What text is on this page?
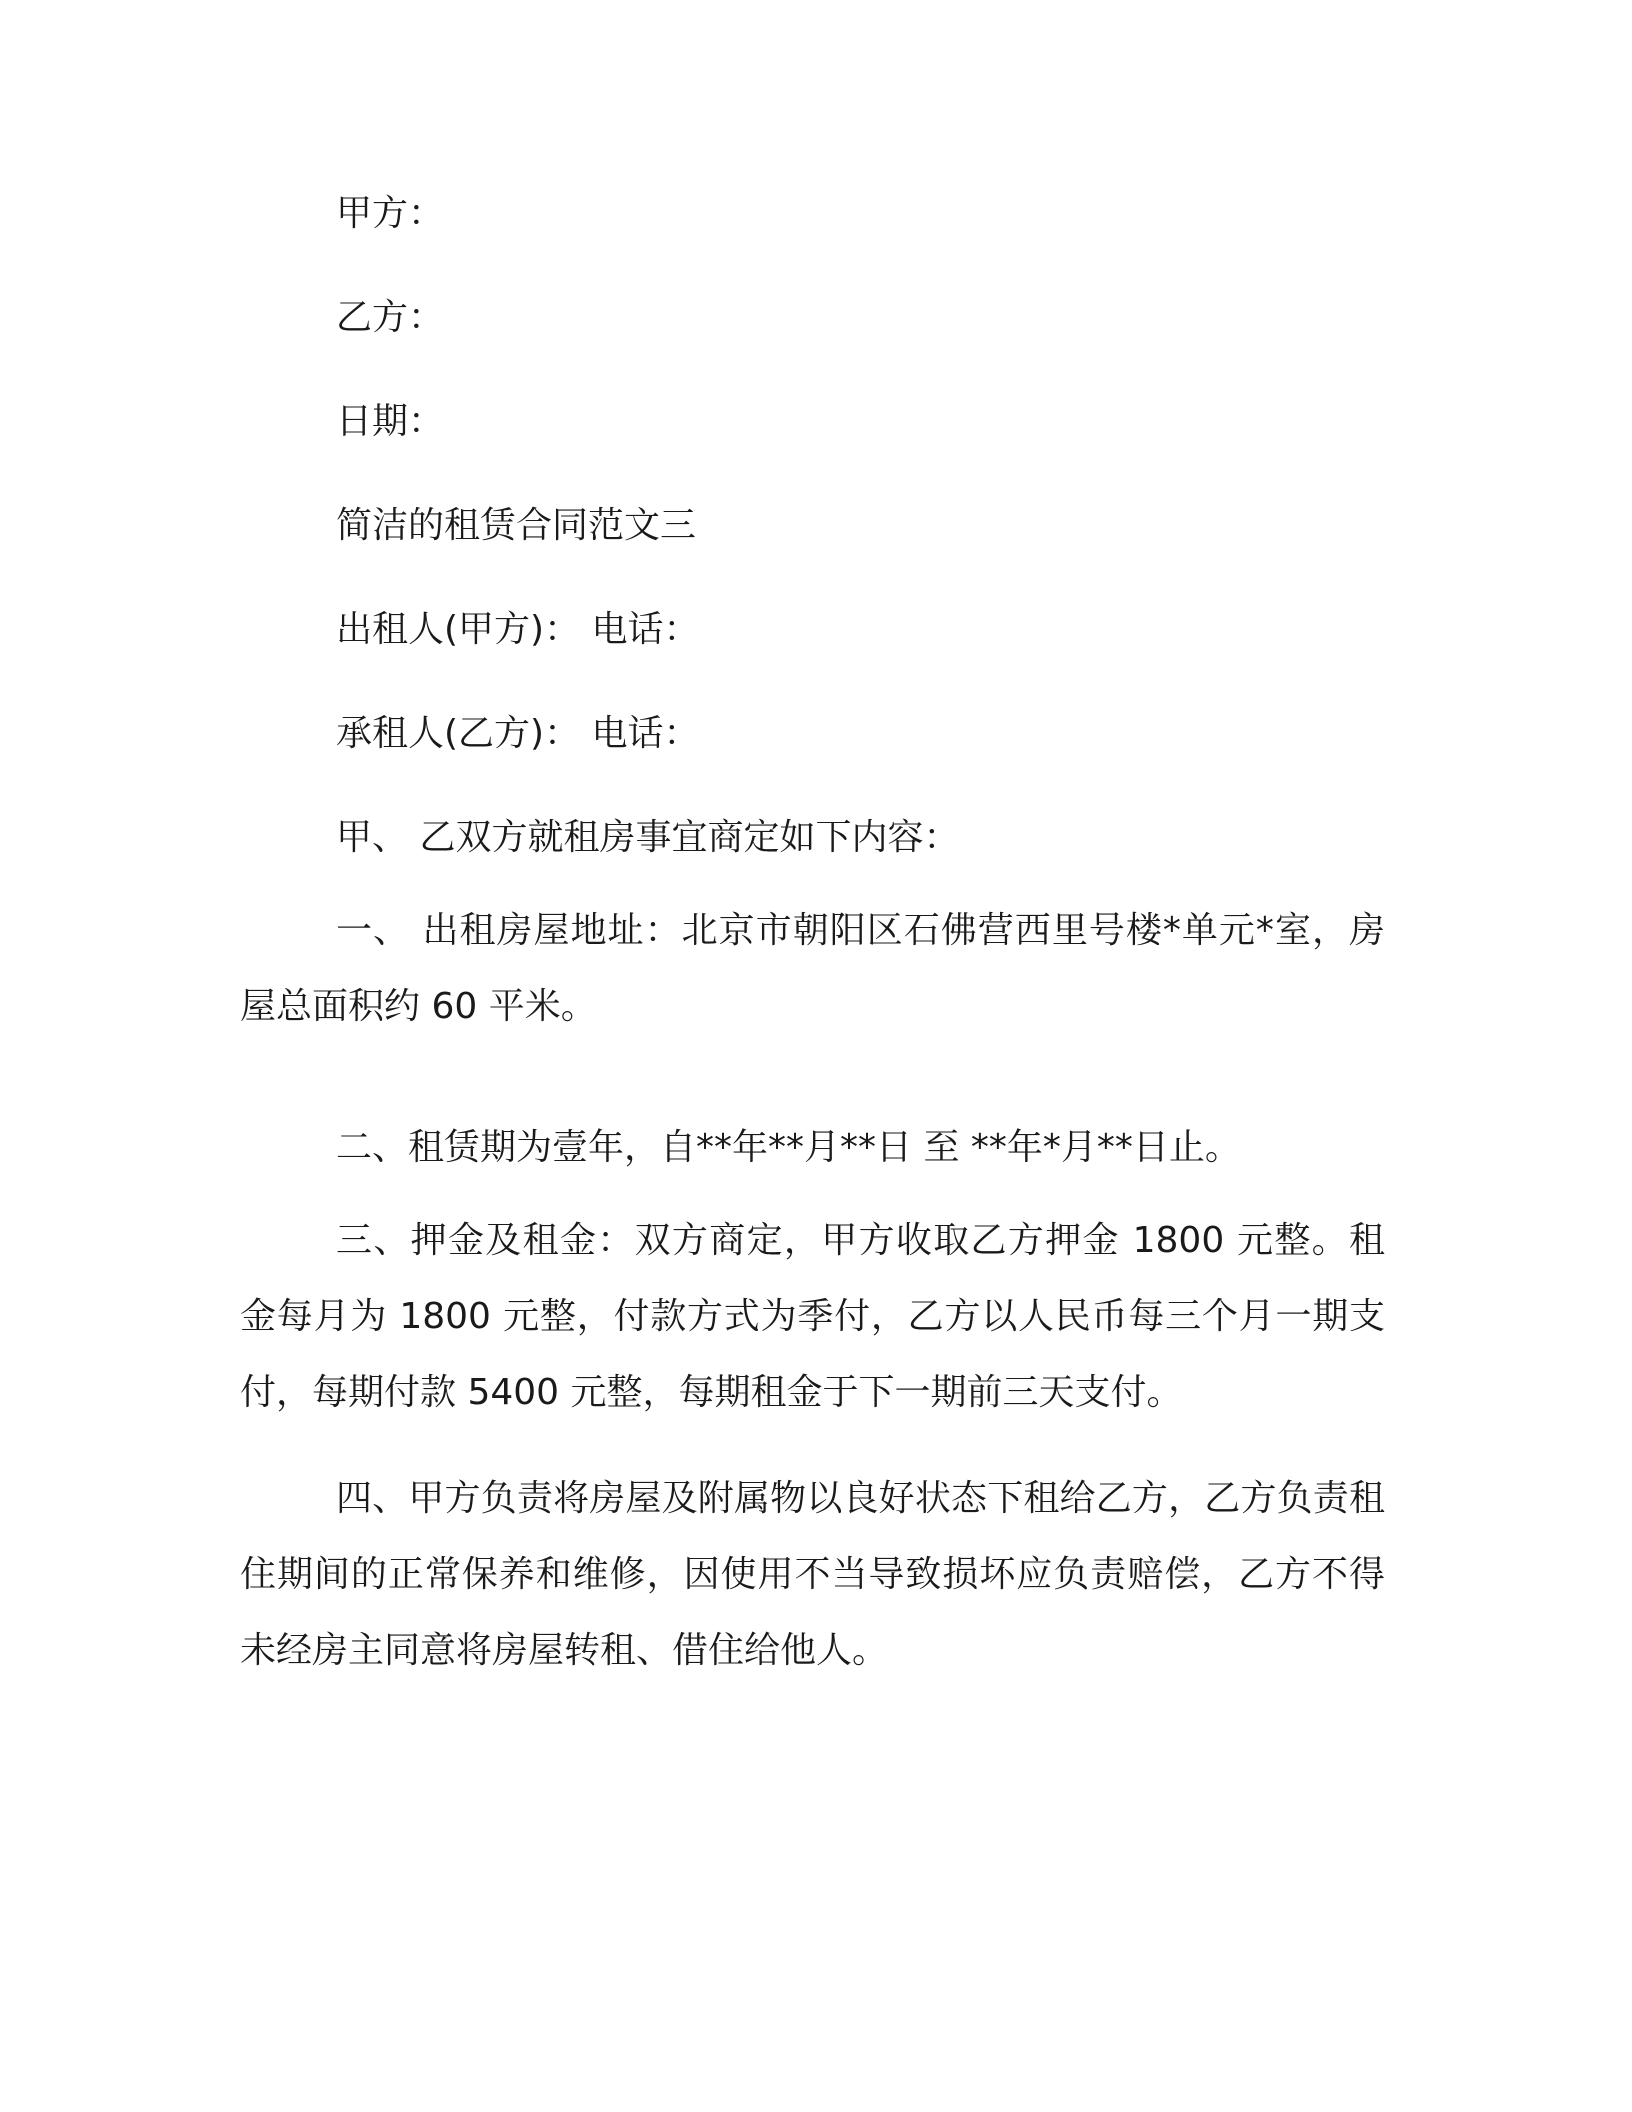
甲方：

乙方：

日期：

简洁的租赁合同范文三

出租人(甲方)： 电话：

承租人(乙方)： 电话：

甲、 乙双方就租房事宜商定如下内容：

一、 出租房屋地址：北京市朝阳区石佛营西里号楼*单元*室，房屋总面积约 60 平米。

二、租赁期为壹年，自**年**月**日 至 **年*月**日止。

三、押金及租金：双方商定，甲方收取乙方押金 1800 元整。租金每月为 1800 元整，付款方式为季付，乙方以人民币每三个月一期支付，每期付款 5400 元整，每期租金于下一期前三天支付。

四、甲方负责将房屋及附属物以良好状态下租给乙方，乙方负责租住期间的正常保养和维修，因使用不当导致损坏应负责赔偿，乙方不得未经房主同意将房屋转租、借住给他人。
